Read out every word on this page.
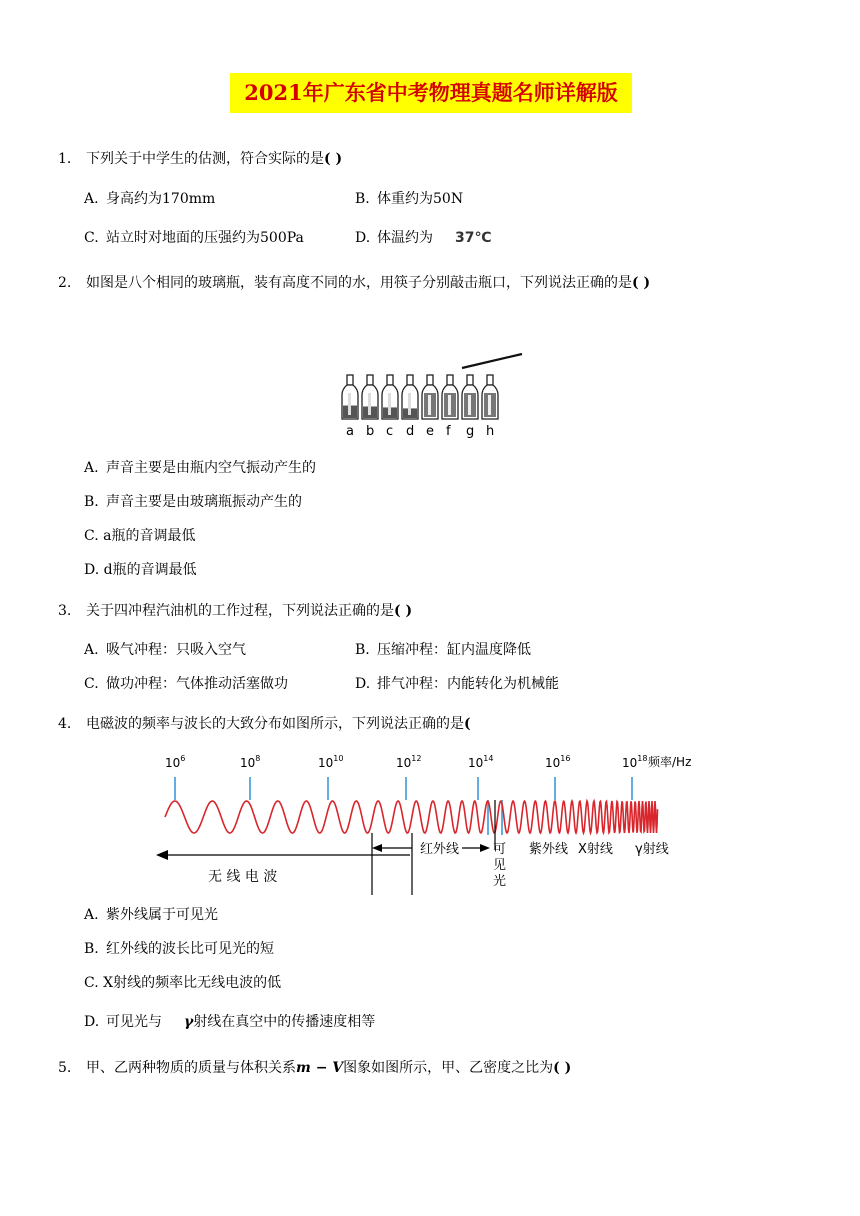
2021年广东省中考物理真题名师详解版
1. 下列关于中学生的估测，符合实际的是( )
A. 身高约为170mm	B. 体重约为50N
C. 站立时对地面的压强约为500Pa	D. 体温约为 37℃
2. 如图是八个相同的玻璃瓶，装有高度不同的水，用筷子分别敲击瓶口，下列说法正确的是( )
a b c d e f g h
A. 声音主要是由瓶内空气振动产生的
B. 声音主要是由玻璃瓶振动产生的
C. a瓶的音调最低
D. d瓶的音调最低
3. 关于四冲程汽油机的工作过程，下列说法正确的是( )
A. 吸气冲程：只吸入空气	B. 压缩冲程：缸内温度降低
C. 做功冲程：气体推动活塞做功	D. 排气冲程：内能转化为机械能
4. 电磁波的频率与波长的大致分布如图所示，下列说法正确的是(
$10^6$	$10^8$	$10^{10}$	$10^{12}$	$10^{14}$	$10^{16}$	$10^{18}$
无 线 电 波
红外线	可
见
光
紫外线 X射线 γ射线
频率/Hz
A. 紫外线属于可见光
B. 红外线的波长比可见光的短
C. X射线的频率比无线电波的低
D. 可见光与 γ射线在真空中的传播速度相等
5. 甲、乙两种物质的质量与体积关系m − V图象如图所示，甲、乙密度之比为( )
